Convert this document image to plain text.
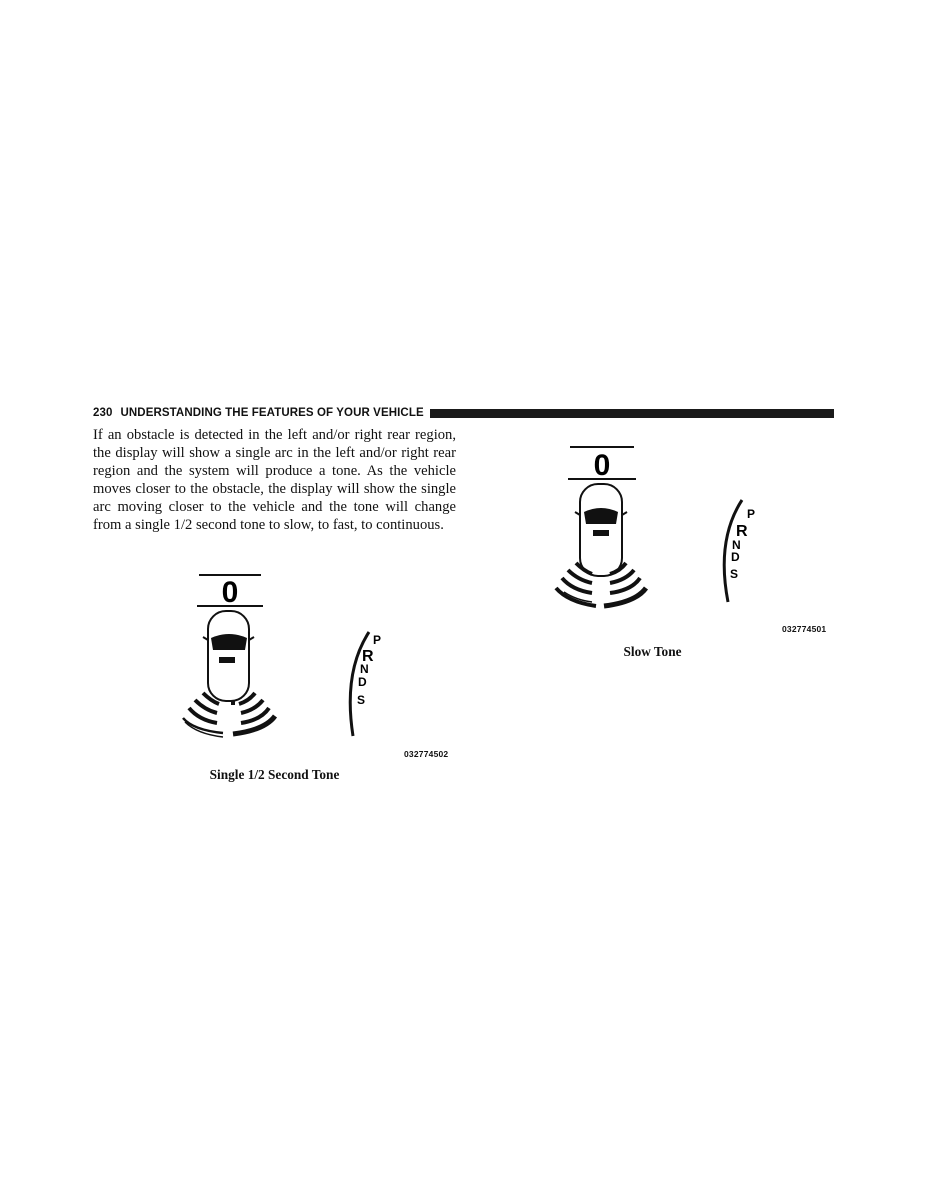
230 UNDERSTANDING THE FEATURES OF YOUR VEHICLE

If an obstacle is detected in the left and/or right rear region, the display will show a single arc in the left and/or right rear region and the system will produce a tone. As the vehicle moves closer to the obstacle, the display will show the single arc moving closer to the vehicle and the tone will change from a single 1/2 second tone to slow, to fast, to continuous.

0
P
R
N
D
S
032774502
Single 1/2 Second Tone
0
P
R
N
D
S
032774501
Slow Tone
